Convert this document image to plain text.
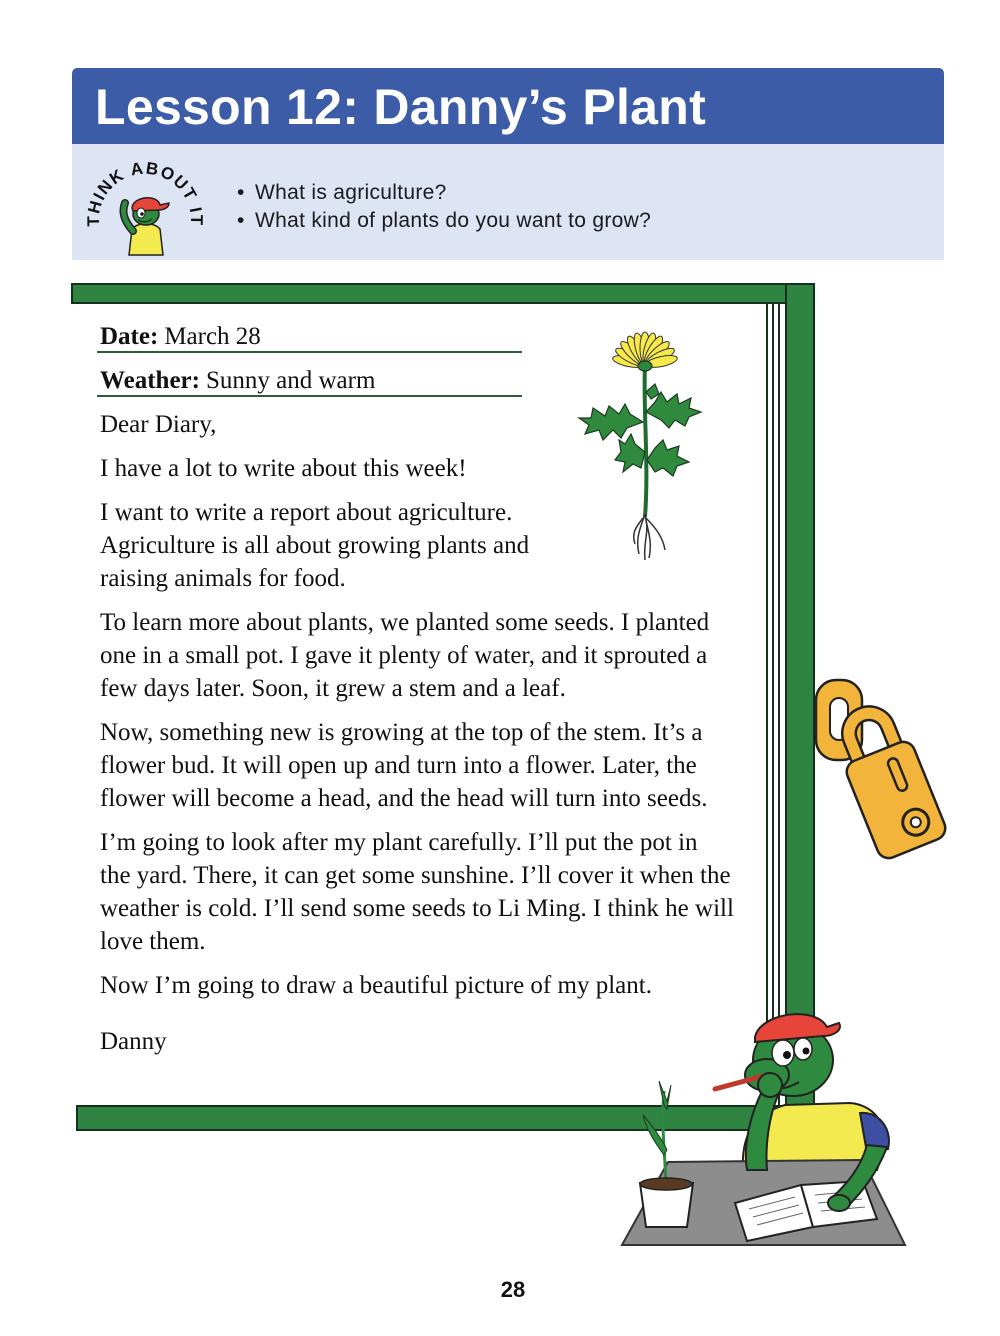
Lesson 12: Danny’s Plant
THINK ABOUT IT
• What is agriculture?
• What kind of plants do you want to grow?
Date: March 28
Weather: Sunny and warm
Dear Diary,
I have a lot to write about this week!
I want to write a report about agriculture.
Agriculture is all about growing plants and
raising animals for food.
To learn more about plants, we planted some seeds. I planted
one in a small pot. I gave it plenty of water, and it sprouted a
few days later. Soon, it grew a stem and a leaf.
Now, something new is growing at the top of the stem. It’s a
flower bud. It will open up and turn into a flower. Later, the
flower will become a head, and the head will turn into seeds.
I’m going to look after my plant carefully. I’ll put the pot in
the yard. There, it can get some sunshine. I’ll cover it when the
weather is cold. I’ll send some seeds to Li Ming. I think he will
love them.
Now I’m going to draw a beautiful picture of my plant.
Danny
28
